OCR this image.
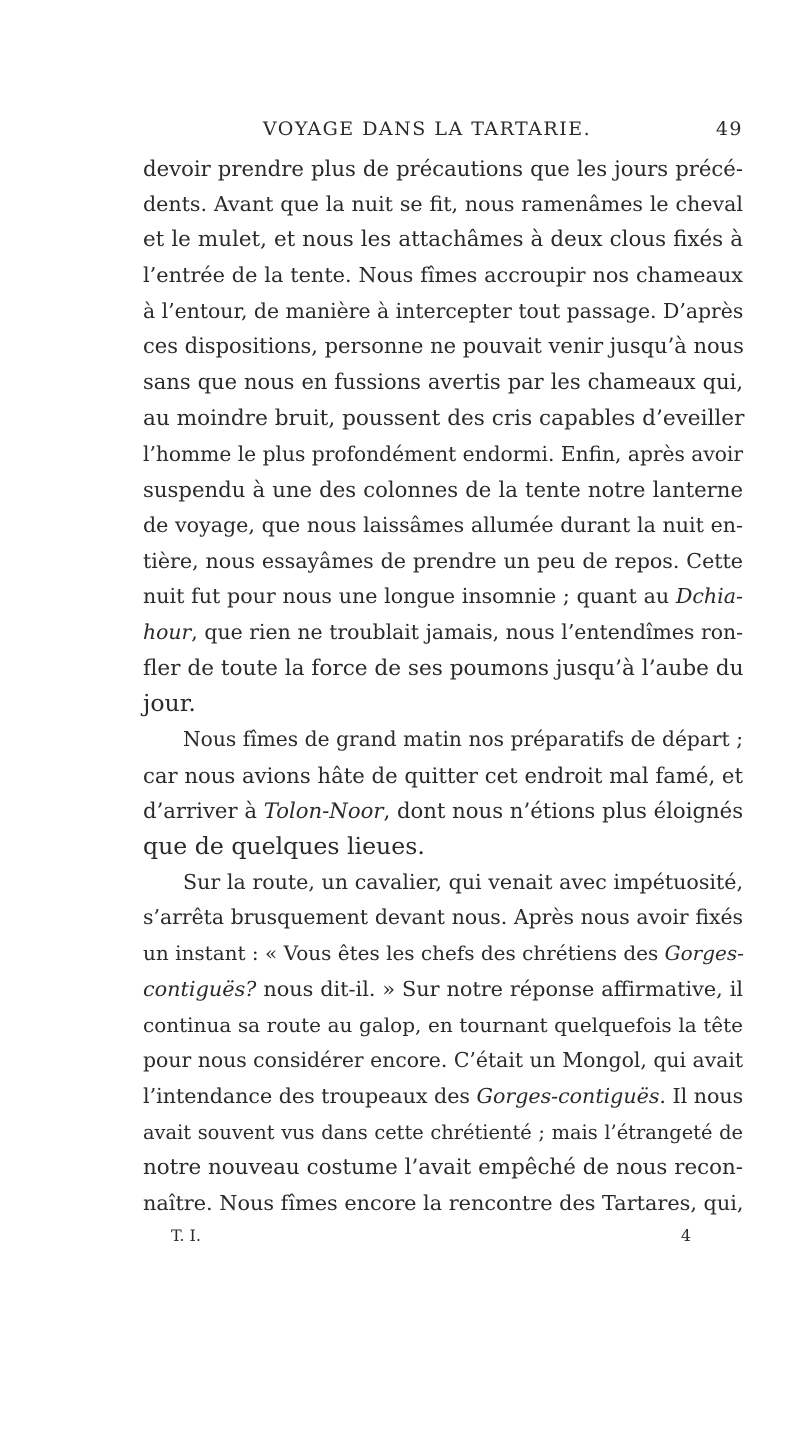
VOYAGE DANS LA TARTARIE.	49
devoir prendre plus de précautions que les jours précé-
dents. Avant que la nuit se fit, nous ramenâmes le cheval
et le mulet, et nous les attachâmes à deux clous fixés à
l’entrée de la tente. Nous fîmes accroupir nos chameaux
à l’entour, de manière à intercepter tout passage. D’après
ces dispositions, personne ne pouvait venir jusqu’à nous
sans que nous en fussions avertis par les chameaux qui,
au moindre bruit, poussent des cris capables d’eveiller
l’homme le plus profondément endormi. Enfin, après avoir
suspendu à une des colonnes de la tente notre lanterne
de voyage, que nous laissâmes allumée durant la nuit en-
tière, nous essayâmes de prendre un peu de repos. Cette
nuit fut pour nous une longue insomnie ; quant au Dchia-
hour, que rien ne troublait jamais, nous l’entendîmes ron-
fler de toute la force de ses poumons jusqu’à l’aube du
jour.
Nous fîmes de grand matin nos préparatifs de départ ;
car nous avions hâte de quitter cet endroit mal famé, et
d’arriver à Tolon-Noor, dont nous n’étions plus éloignés
que de quelques lieues.
Sur la route, un cavalier, qui venait avec impétuosité,
s’arrêta brusquement devant nous. Après nous avoir fixés
un instant : « Vous êtes les chefs des chrétiens des Gorges-
contiguës? nous dit-il. » Sur notre réponse affirmative, il
continua sa route au galop, en tournant quelquefois la tête
pour nous considérer encore. C’était un Mongol, qui avait
l’intendance des troupeaux des Gorges-contiguës. Il nous
avait souvent vus dans cette chrétienté ; mais l’étrangeté de
notre nouveau costume l’avait empêché de nous recon-
naître. Nous fîmes encore la rencontre des Tartares, qui,
T. I.	4
